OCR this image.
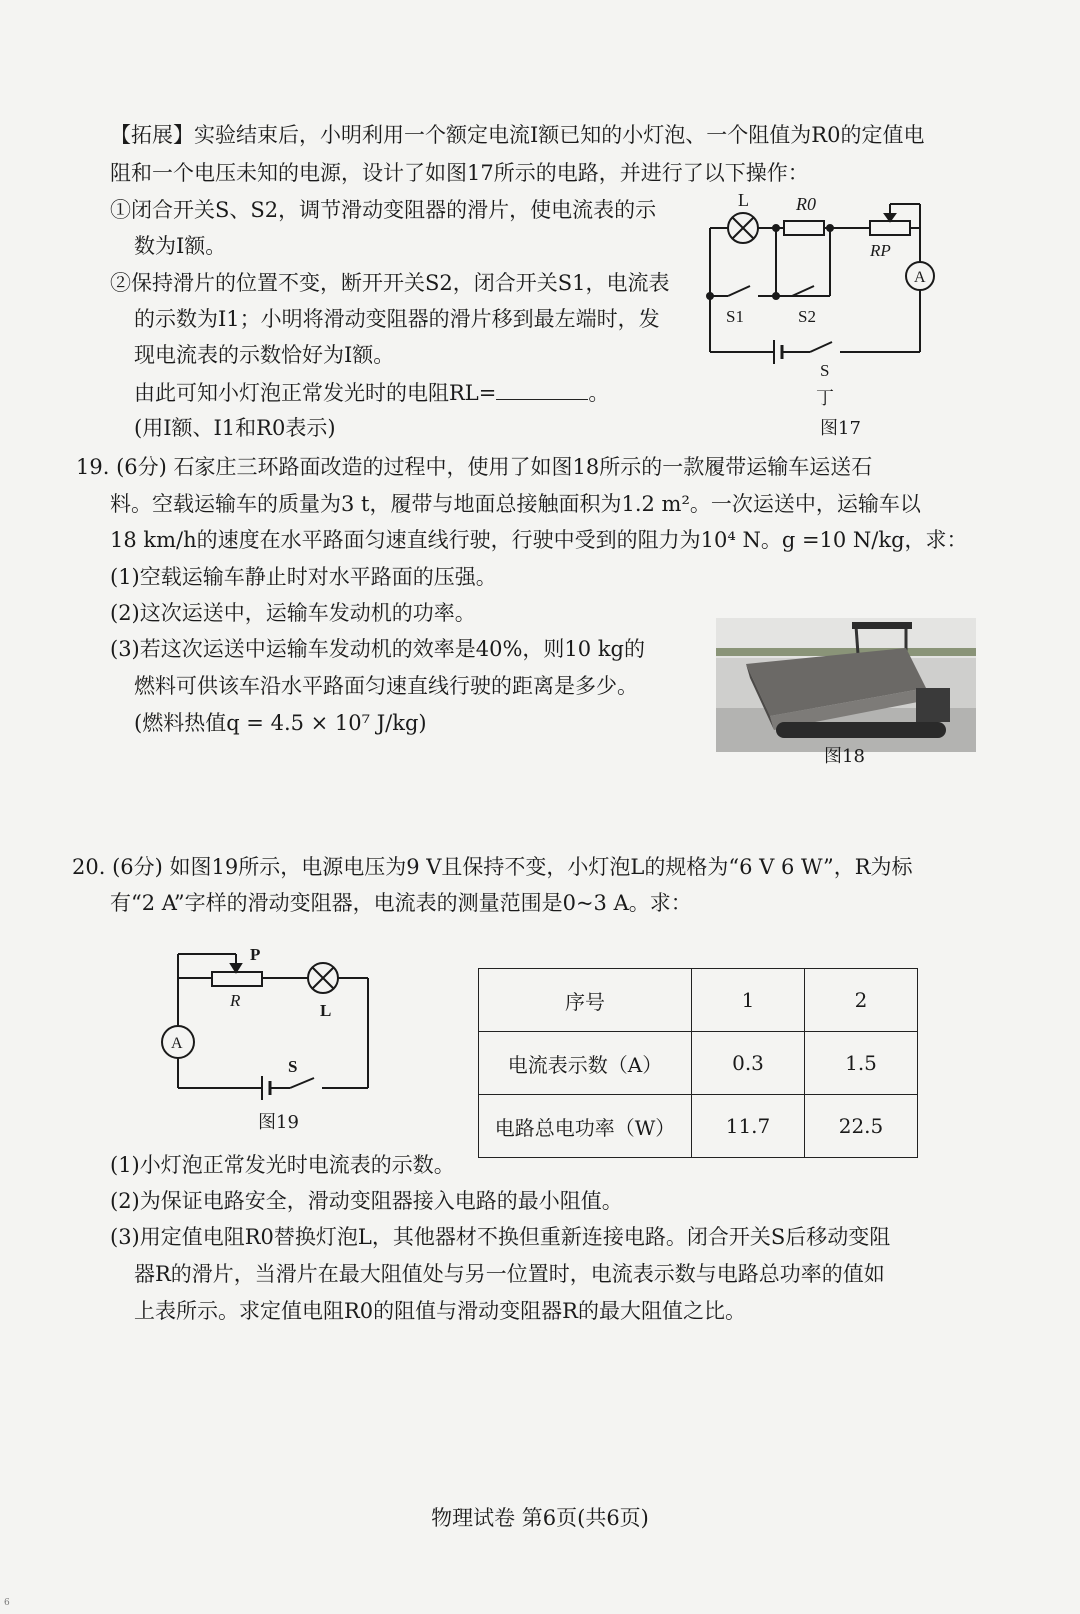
【拓展】实验结束后，小明利用一个额定电流I额已知的小灯泡、一个阻值为R0的定值电
阻和一个电压未知的电源，设计了如图17所示的电路，并进行了以下操作：
①闭合开关S、S2，调节滑动变阻器的滑片，使电流表的示
数为I额。
②保持滑片的位置不变，断开开关S2，闭合开关S1，电流表
的示数为I1；小明将滑动变阻器的滑片移到最左端时，发
现电流表的示数恰好为I额。
由此可知小灯泡正常发光时的电阻RL=	。
(用I额、I1和R0表示)
L	R0
RP
A
S1	S2
S
丁
图17
19. (6分) 石家庄三环路面改造的过程中，使用了如图18所示的一款履带运输车运送石
料。空载运输车的质量为3 t，履带与地面总接触面积为1.2 m²。一次运送中，运输车以
18 km/h的速度在水平路面匀速直线行驶，行驶中受到的阻力为10⁴ N。g =10 N/kg，求：
(1)空载运输车静止时对水平路面的压强。
(2)这次运送中，运输车发动机的功率。
(3)若这次运送中运输车发动机的效率是40%，则10 kg的
燃料可供该车沿水平路面匀速直线行驶的距离是多少。
(燃料热值q = 4.5 × 10⁷ J/kg)
图18
20. (6分) 如图19所示，电源电压为9 V且保持不变，小灯泡L的规格为“6 V 6 W”，R为标
有“2 A”字样的滑动变阻器，电流表的测量范围是0~3 A。求：
P
R
L
A
S
图19
序号	1	2
电流表示数（A）	0.3	1.5
电路总电功率（W）	11.7	22.5
(1)小灯泡正常发光时电流表的示数。
(2)为保证电路安全，滑动变阻器接入电路的最小阻值。
(3)用定值电阻R0替换灯泡L，其他器材不换但重新连接电路。闭合开关S后移动变阻
器R的滑片，当滑片在最大阻值处与另一位置时，电流表示数与电路总功率的值如
上表所示。求定值电阻R0的阻值与滑动变阻器R的最大阻值之比。
物理试卷 第6页(共6页)
6
